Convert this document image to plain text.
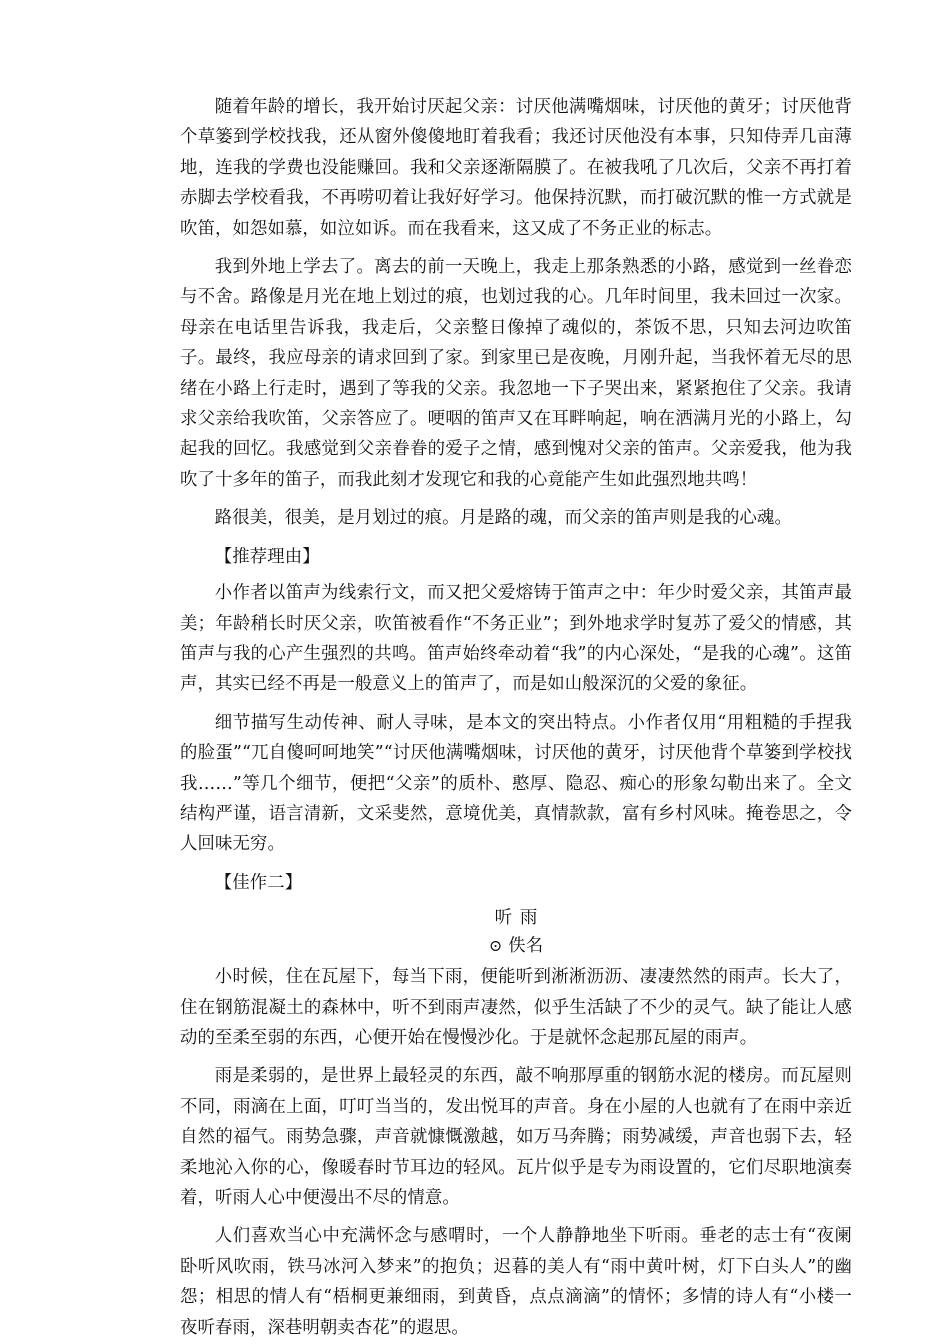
随着年龄的增长，我开始讨厌起父亲：讨厌他满嘴烟味，讨厌他的黄牙；讨厌他背个草篓到学校找我，还从窗外傻傻地盯着我看；我还讨厌他没有本事，只知侍弄几亩薄地，连我的学费也没能赚回。我和父亲逐渐隔膜了。在被我吼了几次后，父亲不再打着赤脚去学校看我，不再唠叨着让我好好学习。他保持沉默，而打破沉默的惟一方式就是吹笛，如怨如慕，如泣如诉。而在我看来，这又成了不务正业的标志。

我到外地上学去了。离去的前一天晚上，我走上那条熟悉的小路，感觉到一丝眷恋与不舍。路像是月光在地上划过的痕，也划过我的心。几年时间里，我未回过一次家。母亲在电话里告诉我，我走后，父亲整日像掉了魂似的，茶饭不思，只知去河边吹笛子。最终，我应母亲的请求回到了家。到家里已是夜晚，月刚升起，当我怀着无尽的思绪在小路上行走时，遇到了等我的父亲。我忽地一下子哭出来，紧紧抱住了父亲。我请求父亲给我吹笛，父亲答应了。哽咽的笛声又在耳畔响起，响在洒满月光的小路上，勾起我的回忆。我感觉到父亲眷眷的爱子之情，感到愧对父亲的笛声。父亲爱我，他为我吹了十多年的笛子，而我此刻才发现它和我的心竟能产生如此强烈地共鸣！

路很美，很美，是月划过的痕。月是路的魂，而父亲的笛声则是我的心魂。

【推荐理由】

小作者以笛声为线索行文，而又把父爱熔铸于笛声之中：年少时爱父亲，其笛声最美；年龄稍长时厌父亲，吹笛被看作“不务正业”；到外地求学时复苏了爱父的情感，其笛声与我的心产生强烈的共鸣。笛声始终牵动着“我”的内心深处，“是我的心魂”。这笛声，其实已经不再是一般意义上的笛声了，而是如山般深沉的父爱的象征。

细节描写生动传神、耐人寻味，是本文的突出特点。小作者仅用“用粗糙的手捏我的脸蛋”“兀自傻呵呵地笑”“讨厌他满嘴烟味，讨厌他的黄牙，讨厌他背个草篓到学校找我……”等几个细节，便把“父亲”的质朴、憨厚、隐忍、痴心的形象勾勒出来了。全文结构严谨，语言清新，文采斐然，意境优美，真情款款，富有乡村风味。掩卷思之，令人回味无穷。

【佳作二】

听雨
⊙ 佚名

小时候，住在瓦屋下，每当下雨，便能听到淅淅沥沥、凄凄然然的雨声。长大了，住在钢筋混凝土的森林中，听不到雨声凄然，似乎生活缺了不少的灵气。缺了能让人感动的至柔至弱的东西，心便开始在慢慢沙化。于是就怀念起那瓦屋的雨声。

雨是柔弱的，是世界上最轻灵的东西，敲不响那厚重的钢筋水泥的楼房。而瓦屋则不同，雨滴在上面，叮叮当当的，发出悦耳的声音。身在小屋的人也就有了在雨中亲近自然的福气。雨势急骤，声音就慷慨激越，如万马奔腾；雨势减缓，声音也弱下去，轻柔地沁入你的心，像暖春时节耳边的轻风。瓦片似乎是专为雨设置的，它们尽职地演奏着，听雨人心中便漫出不尽的情意。

人们喜欢当心中充满怀念与感喟时，一个人静静地坐下听雨。垂老的志士有“夜阑卧听风吹雨，铁马冰河入梦来”的抱负；迟暮的美人有“雨中黄叶树，灯下白头人”的幽怨；相思的情人有“梧桐更兼细雨，到黄昏，点点滴滴”的情怀；多情的诗人有“小楼一夜听春雨，深巷明朝卖杏花”的遐思。
